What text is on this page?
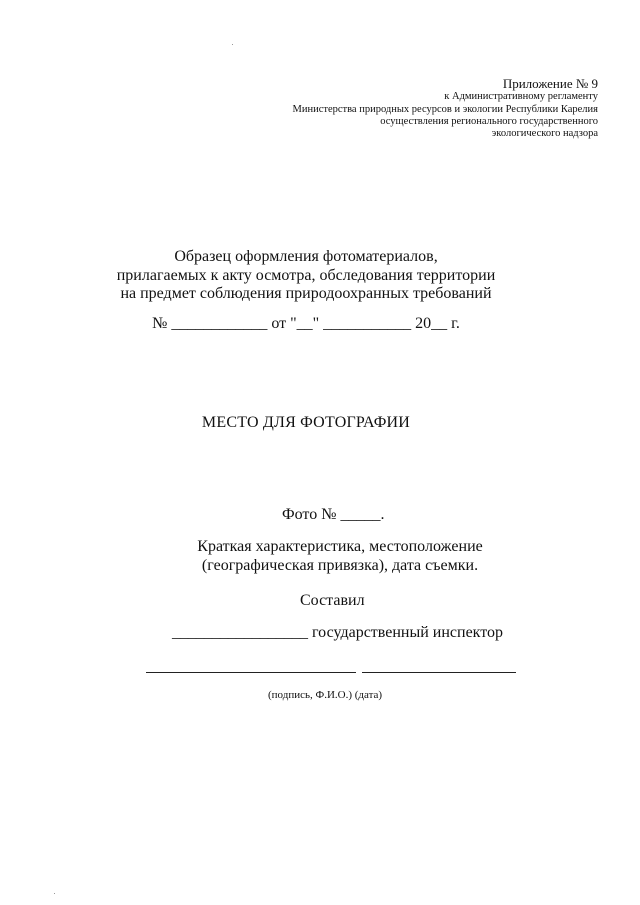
Приложение № 9
к Административному регламенту
Министерства природных ресурсов и экологии Республики Карелия
осуществления регионального государственного
экологического надзора
Образец оформления фотоматериалов,
прилагаемых к акту осмотра, обследования территории
на предмет соблюдения природоохранных требований
№ ____________ от "__" ___________ 20__ г.
МЕСТО ДЛЯ ФОТОГРАФИИ
Фото № _____.
Краткая характеристика, местоположение
(географическая привязка), дата съемки.
Составил
_________________ государственный инспектор
(подпись, Ф.И.О.) (дата)
